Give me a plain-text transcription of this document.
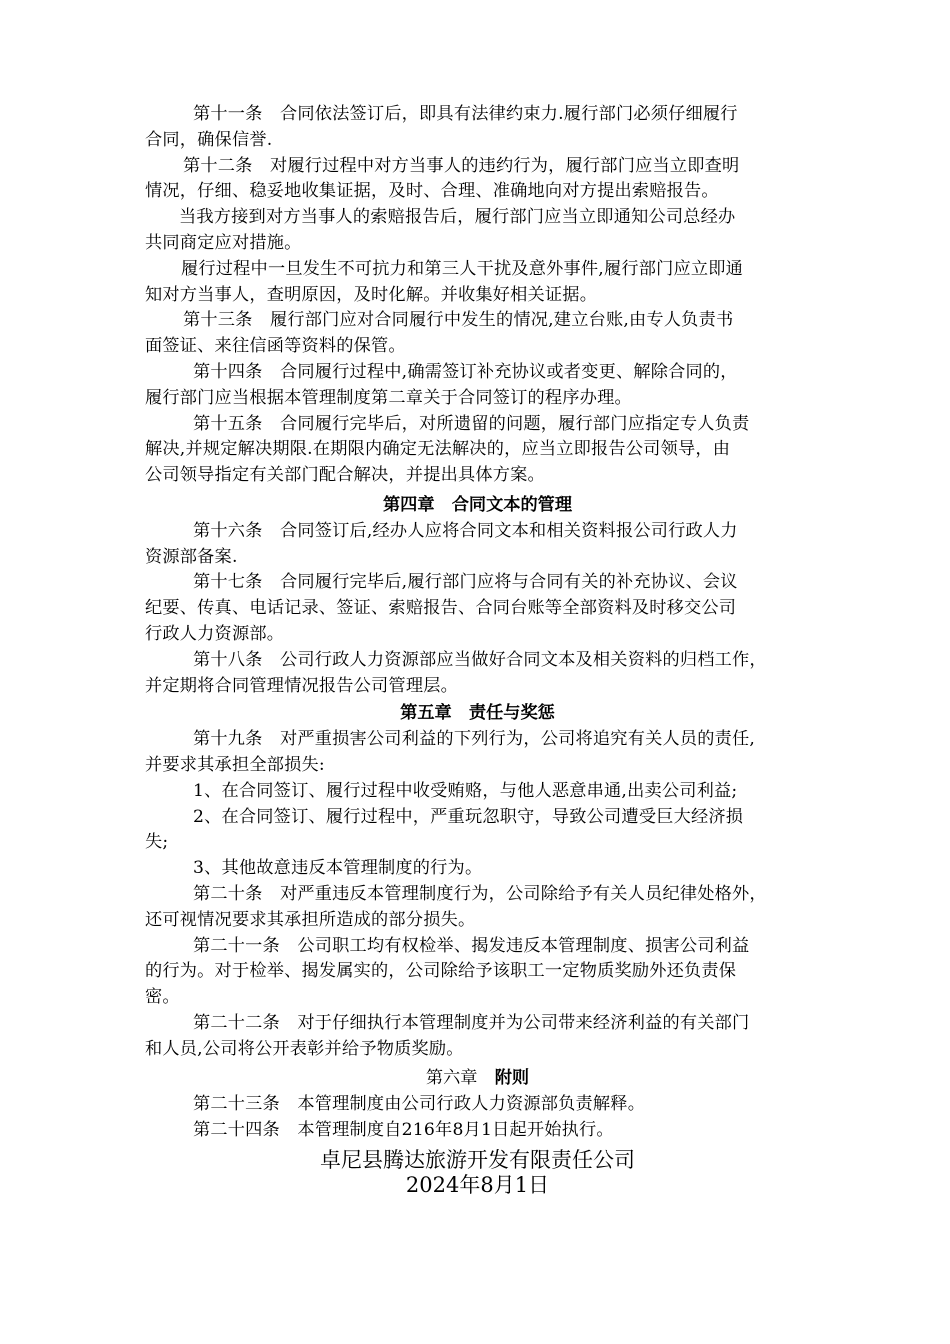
第十一条　合同依法签订后，即具有法律约束力.履行部门必须仔细履行
合同，确保信誉.
第十二条　对履行过程中对方当事人的违约行为，履行部门应当立即查明
情况，仔细、稳妥地收集证据，及时、合理、准确地向对方提出索赔报告。
当我方接到对方当事人的索赔报告后，履行部门应当立即通知公司总经办
共同商定应对措施。
履行过程中一旦发生不可抗力和第三人干扰及意外事件,履行部门应立即通
知对方当事人，查明原因，及时化解。并收集好相关证据。
第十三条　履行部门应对合同履行中发生的情况,建立台账,由专人负责书
面签证、来往信函等资料的保管。
第十四条　合同履行过程中,确需签订补充协议或者变更、解除合同的，
履行部门应当根据本管理制度第二章关于合同签订的程序办理。
第十五条　合同履行完毕后，对所遗留的问题，履行部门应指定专人负责
解决,并规定解决期限.在期限内确定无法解决的，应当立即报告公司领导，由
公司领导指定有关部门配合解决，并提出具体方案。

第四章　合同文本的管理

第十六条　合同签订后,经办人应将合同文本和相关资料报公司行政人力
资源部备案.
第十七条　合同履行完毕后,履行部门应将与合同有关的补充协议、会议
纪要、传真、电话记录、签证、索赔报告、合同台账等全部资料及时移交公司
行政人力资源部。
第十八条　公司行政人力资源部应当做好合同文本及相关资料的归档工作，
并定期将合同管理情况报告公司管理层。

第五章　责任与奖惩

第十九条　对严重损害公司利益的下列行为，公司将追究有关人员的责任,
并要求其承担全部损失:
1、在合同签订、履行过程中收受贿赂，与他人恶意串通,出卖公司利益;
2、在合同签订、履行过程中，严重玩忽职守，导致公司遭受巨大经济损
失;
3、其他故意违反本管理制度的行为。
第二十条　对严重违反本管理制度行为，公司除给予有关人员纪律处格外，
还可视情况要求其承担所造成的部分损失。
第二十一条　公司职工均有权检举、揭发违反本管理制度、损害公司利益
的行为。对于检举、揭发属实的，公司除给予该职工一定物质奖励外还负责保
密。
第二十二条　对于仔细执行本管理制度并为公司带来经济利益的有关部门
和人员,公司将公开表彰并给予物质奖励。

第六章　附则

第二十三条　本管理制度由公司行政人力资源部负责解释。
第二十四条　本管理制度自216年8月1日起开始执行。

卓尼县腾达旅游开发有限责任公司

2024年8月1日
